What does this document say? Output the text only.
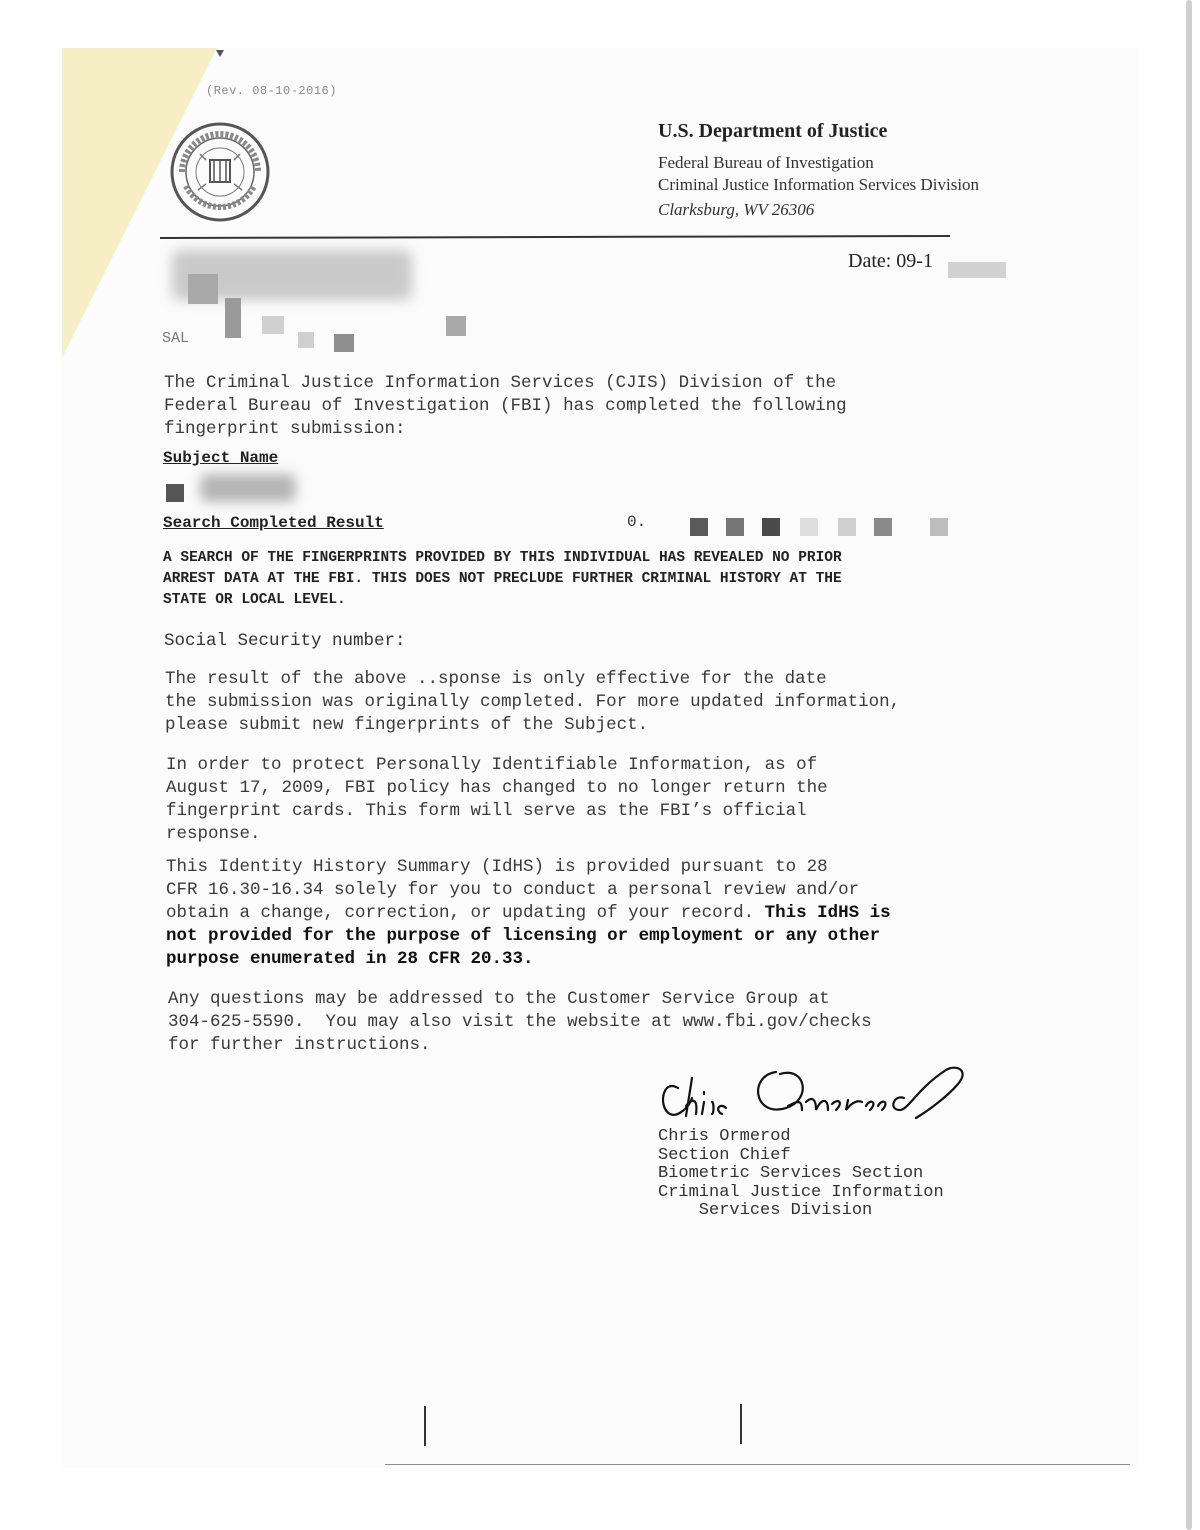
(Rev. 08-10-2016)
U.S. Department of Justice
Federal Bureau of Investigation
Criminal Justice Information Services Division
Clarksburg, WV 26306
Date: 09-1
SAL
The Criminal Justice Information Services (CJIS) Division of the
Federal Bureau of Investigation (FBI) has completed the following
fingerprint submission:
Subject Name
Search Completed Result	0.
A SEARCH OF THE FINGERPRINTS PROVIDED BY THIS INDIVIDUAL HAS REVEALED NO PRIOR
ARREST DATA AT THE FBI. THIS DOES NOT PRECLUDE FURTHER CRIMINAL HISTORY AT THE
STATE OR LOCAL LEVEL.
Social Security number:
The result of the above ..sponse is only effective for the date
the submission was originally completed. For more updated information,
please submit new fingerprints of the Subject.
In order to protect Personally Identifiable Information, as of
August 17, 2009, FBI policy has changed to no longer return the
fingerprint cards. This form will serve as the FBI’s official
response.
This Identity History Summary (IdHS) is provided pursuant to 28
CFR 16.30-16.34 solely for you to conduct a personal review and/or
obtain a change, correction, or updating of your record. This IdHS is
not provided for the purpose of licensing or employment or any other
purpose enumerated in 28 CFR 20.33.
Any questions may be addressed to the Customer Service Group at
304-625-5590.  You may also visit the website at www.fbi.gov/checks
for further instructions.
Chris Ormerod
Section Chief
Biometric Services Section
Criminal Justice Information
Services Division
